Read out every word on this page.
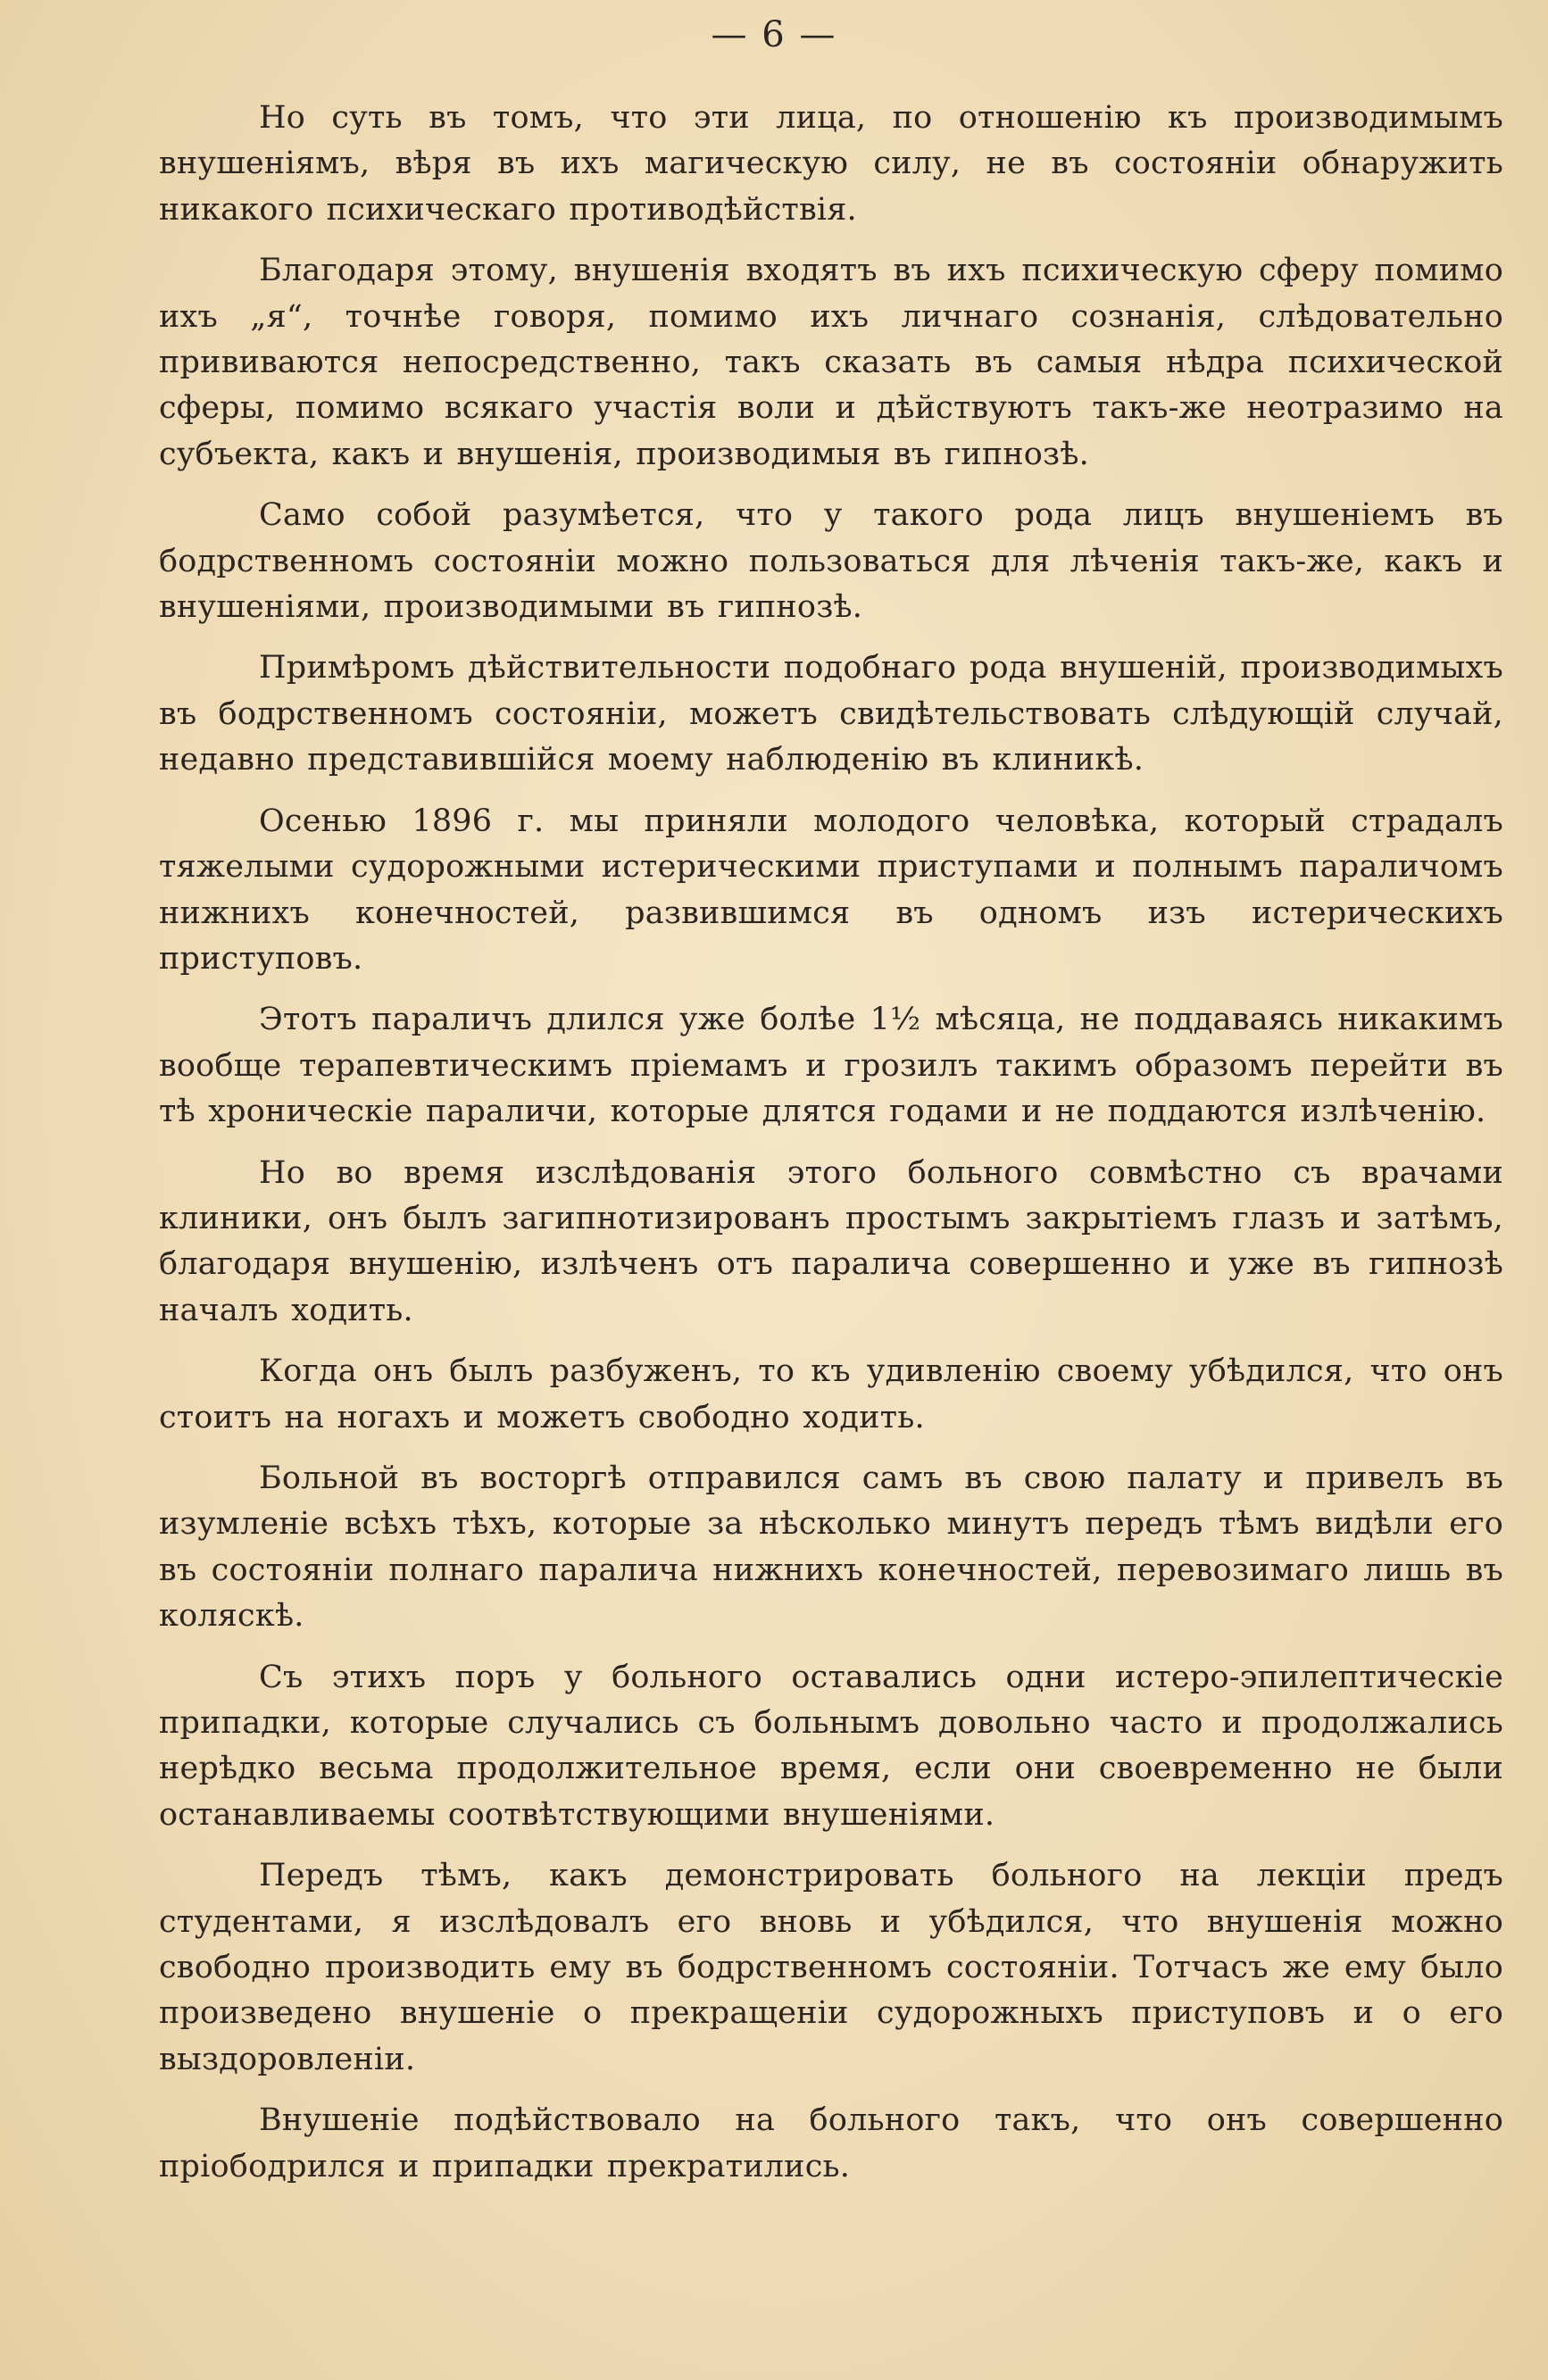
— 6 —

Но суть въ томъ, что эти лица, по отношенію къ производимымъ внушеніямъ, вѣря въ ихъ магическую силу, не въ состояніи обнаружить никакого психическаго противодѣйствія.

Благодаря этому, внушенія входятъ въ ихъ психическую сферу помимо ихъ „я“, точнѣе говоря, помимо ихъ личнаго сознанія, слѣдовательно прививаются непосредственно, такъ сказать въ самыя нѣдра психической сферы, помимо всякаго участія воли и дѣйствуютъ такъ-же неотразимо на субъекта, какъ и внушенія, производимыя въ гипнозѣ.

Само собой разумѣется, что у такого рода лицъ внушеніемъ въ бодрственномъ состояніи можно пользоваться для лѣченія такъ-же, какъ и внушеніями, производимыми въ гипнозѣ.

Примѣромъ дѣйствительности подобнаго рода внушеній, производимыхъ въ бодрственномъ состояніи, можетъ свидѣтельствовать слѣдующій случай, недавно представившійся моему наблюденію въ клиникѣ.

Осенью 1896 г. мы приняли молодого человѣка, который страдалъ тяжелыми судорожными истерическими приступами и полнымъ параличомъ нижнихъ конечностей, развившимся въ одномъ изъ истерическихъ приступовъ.

Этотъ параличъ длился уже болѣе 1½ мѣсяца, не поддаваясь никакимъ вообще терапевтическимъ пріемамъ и грозилъ такимъ образомъ перейти въ тѣ хроническіе параличи, которые длятся годами и не поддаются излѣченію.

Но во время изслѣдованія этого больного совмѣстно съ врачами клиники, онъ былъ загипнотизированъ простымъ закрытіемъ глазъ и затѣмъ, благодаря внушенію, излѣченъ отъ паралича совершенно и уже въ гипнозѣ началъ ходить.

Когда онъ былъ разбуженъ, то къ удивленію своему убѣдился, что онъ стоитъ на ногахъ и можетъ свободно ходить.

Больной въ восторгѣ отправился самъ въ свою палату и привелъ въ изумленіе всѣхъ тѣхъ, которые за нѣсколько минутъ передъ тѣмъ видѣли его въ состояніи полнаго паралича нижнихъ конечностей, перевозимаго лишь въ коляскѣ.

Съ этихъ поръ у больного оставались одни истеро-эпилептическіе припадки, которые случались съ больнымъ довольно часто и продолжались нерѣдко весьма продолжительное время, если они своевременно не были останавливаемы соотвѣтствующими внушеніями.

Передъ тѣмъ, какъ демонстрировать больного на лекціи предъ студентами, я изслѣдовалъ его вновь и убѣдился, что внушенія можно свободно производить ему въ бодрственномъ состояніи. Тотчасъ же ему было произведено внушеніе о прекращеніи судорожныхъ приступовъ и о его выздоровленіи.

Внушеніе подѣйствовало на больного такъ, что онъ совершенно пріободрился и припадки прекратились.
